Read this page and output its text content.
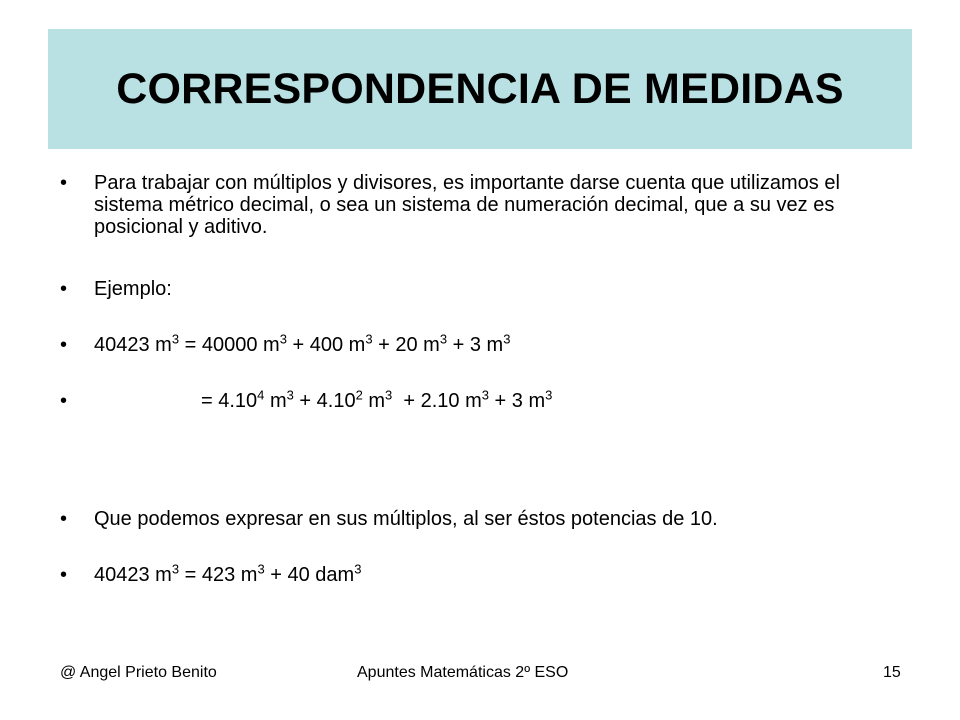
CORRESPONDENCIA DE MEDIDAS
• Para trabajar con múltiplos y divisores, es importante darse cuenta que utilizamos el sistema métrico decimal, o sea un sistema de numeración decimal, que a su vez es posicional y aditivo.
• Ejemplo:
• 40423 $m^3 = 40000$ $m^3 + 400$ $m^3 + 20$ $m^3 + 3$ $m^3$
•	= $4.10^4$ $m^3 + 4.10^2$ $m^3 + 2.10$ $m^3 + 3$ $m^3$
• Que podemos expresar en sus múltiplos, al ser éstos potencias de 10.
• 40423 $m^3 = 423$ $m^3 + 40$ dam$^3$
@ Angel Prieto Benito	Apuntes Matemáticas 2º ESO	15
